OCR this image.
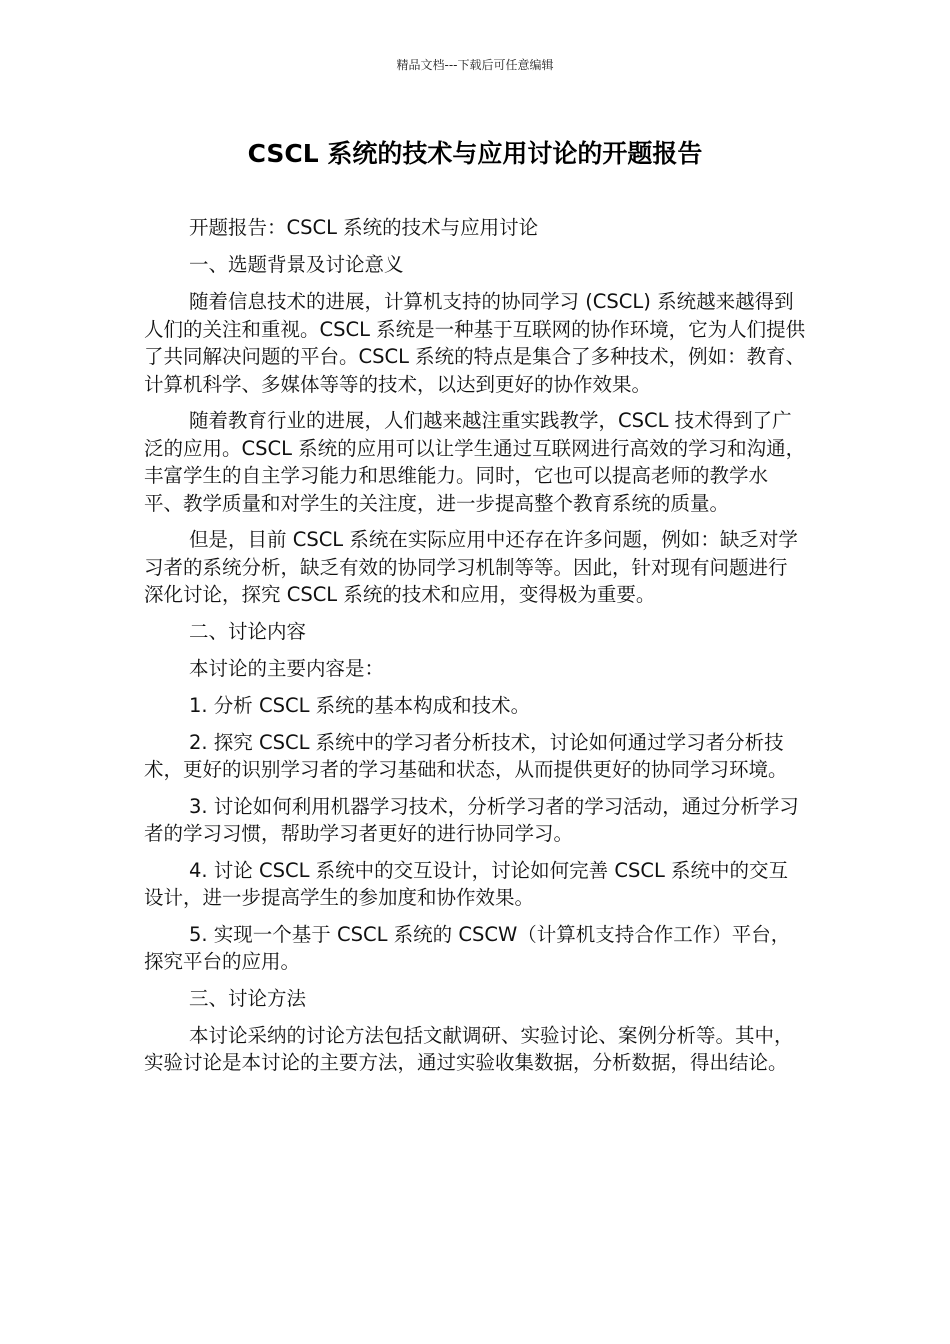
精品文档---下载后可任意编辑
CSCL 系统的技术与应用讨论的开题报告

开题报告：CSCL 系统的技术与应用讨论

一、选题背景及讨论意义

随着信息技术的进展，计算机支持的协同学习 (CSCL) 系统越来越得到人们的关注和重视。CSCL 系统是一种基于互联网的协作环境，它为人们提供了共同解决问题的平台。CSCL 系统的特点是集合了多种技术，例如：教育、计算机科学、多媒体等等的技术，以达到更好的协作效果。

随着教育行业的进展，人们越来越注重实践教学，CSCL 技术得到了广泛的应用。CSCL 系统的应用可以让学生通过互联网进行高效的学习和沟通，丰富学生的自主学习能力和思维能力。同时，它也可以提高老师的教学水平、教学质量和对学生的关注度，进一步提高整个教育系统的质量。

但是，目前 CSCL 系统在实际应用中还存在许多问题，例如：缺乏对学习者的系统分析，缺乏有效的协同学习机制等等。因此，针对现有问题进行深化讨论，探究 CSCL 系统的技术和应用，变得极为重要。

二、讨论内容

本讨论的主要内容是：

1. 分析 CSCL 系统的基本构成和技术。

2. 探究 CSCL 系统中的学习者分析技术，讨论如何通过学习者分析技术，更好的识别学习者的学习基础和状态，从而提供更好的协同学习环境。

3. 讨论如何利用机器学习技术，分析学习者的学习活动，通过分析学习者的学习习惯，帮助学习者更好的进行协同学习。

4. 讨论 CSCL 系统中的交互设计，讨论如何完善 CSCL 系统中的交互设计，进一步提高学生的参加度和协作效果。

5. 实现一个基于 CSCL 系统的 CSCW（计算机支持合作工作）平台，探究平台的应用。

三、讨论方法

本讨论采纳的讨论方法包括文献调研、实验讨论、案例分析等。其中，实验讨论是本讨论的主要方法，通过实验收集数据，分析数据，得出结论。
